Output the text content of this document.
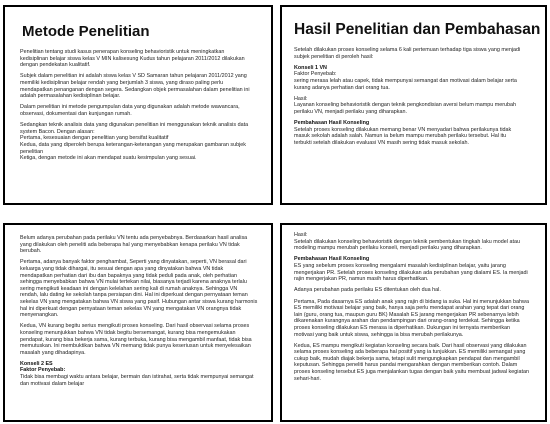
Metode Penelitian

Penelitian tentang studi kasus penerapan konseling behavioristik untuk meningkatkan
kedisiplinan belajar siswa kelas V MIN kalisesung Kudus tahun pelajaran 2011/2012 dilakukan
dengan pendekatan kualitatif.

Subjek dalam penelitian ini adalah siswa kelas V SD Samaran tahun pelajaran 2011/2012 yang
memiliki kedisiplinan belajar rendah yang berjumlah 3 siswa, yang diraso paling perlu
mendapatkan penanganan dengan segera. Sedangkan objek permasalahan dalam penelitian ini
adalah permasalahan kedisiplinan belajar.

Dalam penelitian ini metode pengumpulan data yang digunakan adalah metode wawancara,
observasi, dokumentasi dan kunjungan rumah.

Sedangkan teknik analisis data yang digunakan penelitian ini menggunakan teknik analisis data
system Bacon. Dengan alasan:
Pertama, kesesuaian dengan penelitian yang bersifat kualitatif
Kedua, data yang diperoleh berupa keterangan-keterangan yang merupakan gambaran subjek
penelitian
Ketiga, dengan metode ini akan mendapat suatu kesimpulan yang sesuai.

Hasil Penelitian dan Pembahasan

Setelah dilakukan proses konseling selama 6 kali pertemuan terhadap tiga siswa yang menjadi
subjek penelitian di peroleh hasil:

Konseli 1 VN

Faktor Penyebab:
sering merasa lelah atau capek, tidak mempunyai semangat dan motivasi dalam belajar serta
kurang adanya perhatian dari orang tua.

Hasil:
Layanan konseling behavioristik dengan teknik pengkondisian aversi belum mampu merubah
perilaku VN, menjadi perilaku yang diharapkan.

Pembahasan Hasil Konseling

Setelah proses konseling dilakukan memang benar VN menyadari bahwa perilakunya tidak
masuk sekolah adalah salah. Namun ia belum mampu merubah perilaku tersebut. Hal itu
terbukti setelah dilakukan evaluasi VN masih sering tidak masuk sekolah.

Belum adanya perubahan pada perilaku VN tentu ada penyebabnya. Berdasarkan hasil analisa
yang dilakukan oleh peneliti ada beberapa hal yang menyebabkan kenapa perilaku VN tidak
berubah.

Pertama, adanya banyak faktor penghambat, Seperti yang dinyatakan, seperti, VN berasal dari
keluarga yang tidak dihargai, itu sesuai dengan apa yang dinyatakan bahwa VN tidak
mendapatkan perhatian dari ibu dan bapaknya yang tidak peduli pada anak, oleh perhatian
sehingga menyebabkan bahwa VN mulai tertekan nilai, biasanya terjadi karena anaknya terlalu
sering mengikuti keadaan ini dengan kelelahan sering kali di rumah anaknya. Sehingga VN
rendah, lalu dating ke sekolah tanpa persiapan dini. Hal ini diperkuat dengan pernyataan teman
sekelas VN yang mengatakan bahwa VN siswa yang pasif. Hubungan antar siswa kurang harmonis
hal ini diperkuat dengan pernyataan teman sekelas VN yang mengatakan VN orangnya tidak
menyenangkan.

Kedua, VN kurang begitu serius mengikuti proses konseling. Dari hasil observasi selama proses
konseling menunjukkan bahwa VN tidak begitu bersemangat, kurang bisa mengemukakan
pendapat, kurang bisa bekerja sama, kurang terbuka, kurang bisa mengambil manfaat, tidak bisa
memutuskan. Ini membuktikan bahwa VN memang tidak punya keseriusan untuk menyelesaikan
masalah yang dihadapinya.

Konseli 2 ES

Faktor Penyebab:

Tidak bisa membagi waktu antara belajar, bermain dan istirahat, serta tidak mempunyai semangat
dan motivasi dalam belajar

Hasil:
Setelah dilakukan konseling behavioristik dengan teknik pembentukan tingkah laku model atau
modeling mampu merubah perilaku konseli, menjadi perilaku yang diharapkan.

Pembahasan Hasil Konseling

ES yang sebelum proses konseling mengalami masalah kedisiplinan belajar, yaitu jarang
mengerjakan PR. Setelah proses konseling dilakukan ada perubahan yang dialami ES. Ia menjadi
rajin mengerjakan PR, namun masih harus diperhatikan.

Adanya perubahan pada perilaku ES ditentukan oleh dua hal.

Pertama, Pada dasarnya ES adalah anak yang rajin di bidang ia suka. Hal ini menunjukkan bahwa
ES memiliki motivasi belajar yang baik, hanya saja perlu mendapat arahan yang tepat dari orang
lain (guru, orang tua, maupun guru BK) Masalah ES jarang mengerjakan PR sebenarnya lebih
dikarenakan kurangnya arahan dan pendampingan dari orang-orang terdekat. Sehingga ketika
proses konseling dilakukan ES merasa ia diperhatikan. Dukungan ini ternyata memberikan
motivasi yang baik untuk siswa, sehingga ia bisa merubah perilakunya.

Kedua, ES mampu mengikuti kegiatan konseling secara baik. Dari hasil observasi yang dilakukan
selama proses konseling ada beberapa hal positif yang ia tunjukkan. ES memiliki semangat yang
cukup baik, mudah diajak bekerja sama, tetapi sulit mengungkapkan pendapat dan mengambil
keputusan. Sehingga peneliti harus pandai mengarahkan dengan memberikan contoh. Dalam
proses konseling tersebut ES juga menjalankan tugas dengan baik yaitu membuat jadwal kegiatan
sehari-hari.
